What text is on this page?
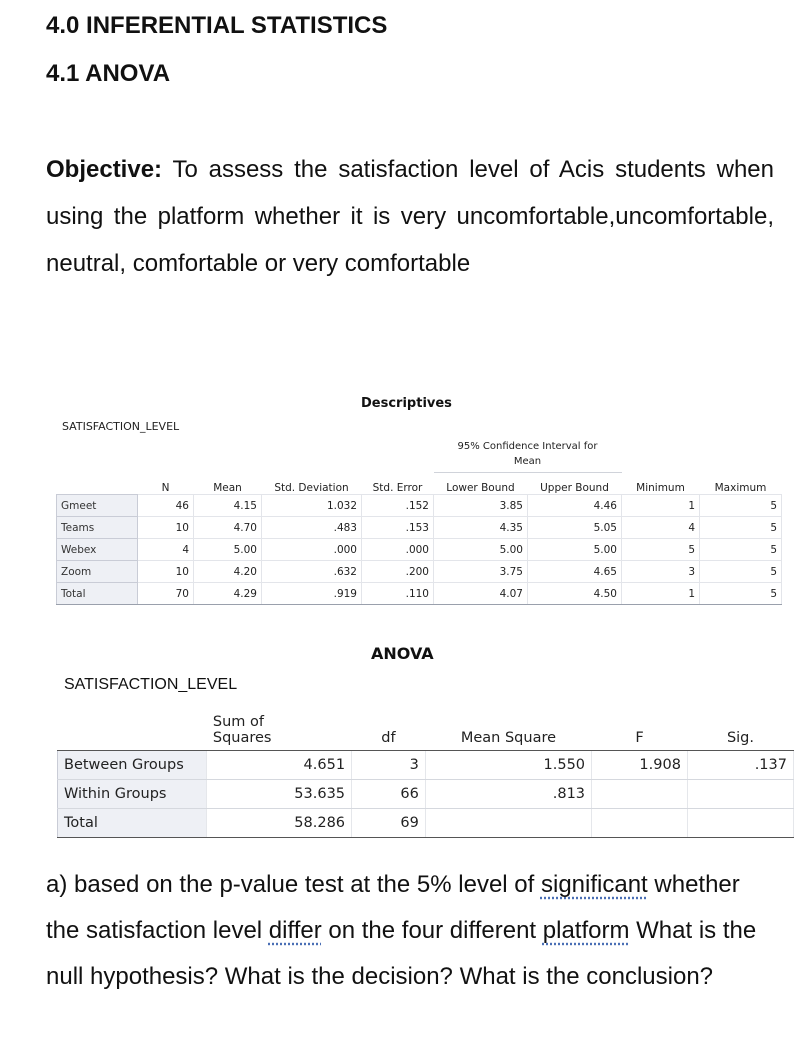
4.0 INFERENTIAL STATISTICS
4.1 ANOVA

Objective: To assess the satisfaction level of Acis students when using the platform whether it is very uncomfortable,uncomfortable, neutral, comfortable or very comfortable

Descriptives
SATISFACTION_LEVEL
					95% Confidence Interval for
Mean			
	N	Mean	Std. Deviation	Std. Error	Lower Bound	Upper Bound	Minimum	Maximum
Gmeet	46	4.15	1.032	.152	3.85	4.46	1	5
Teams	10	4.70	.483	.153	4.35	5.05	4	5
Webex	4	5.00	.000	.000	5.00	5.00	5	5
Zoom	10	4.20	.632	.200	3.75	4.65	3	5
Total	70	4.29	.919	.110	4.07	4.50	1	5
ANOVA
SATISFACTION_LEVEL
	Sum of
Squares	df	Mean Square	F	Sig.
Between Groups	4.651	3	1.550	1.908	.137
Within Groups	53.635	66	.813		
Total	58.286	69			

a) based on the p-value test at the 5% level of significant whether the satisfaction level differ on the four different platform What is the null hypothesis? What is the decision? What is the conclusion?
